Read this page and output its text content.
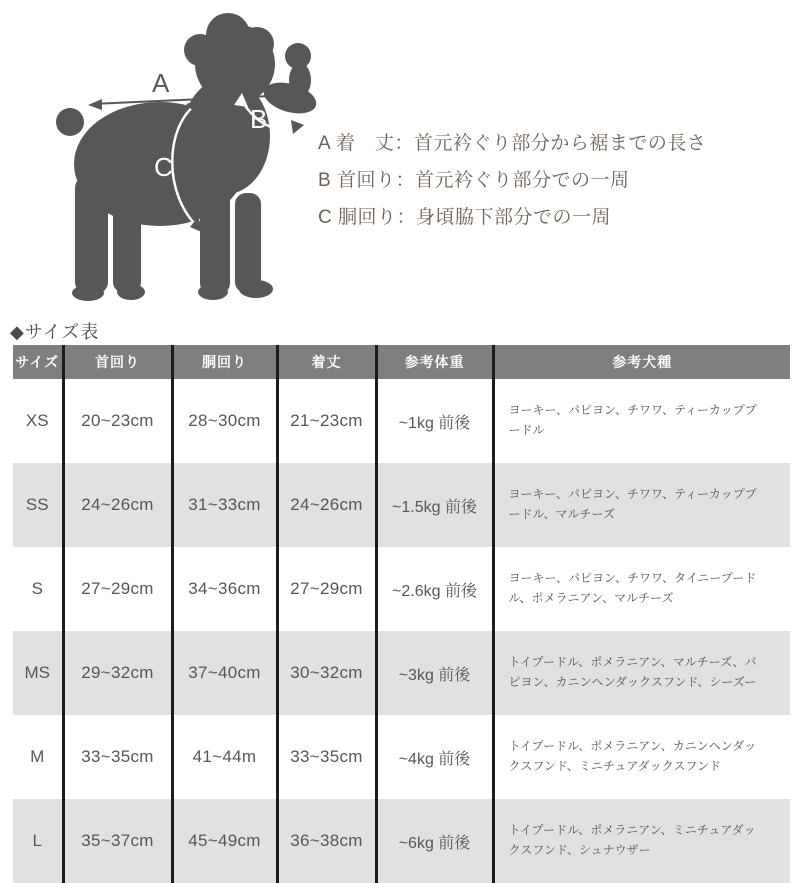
A
B
C
A 着　丈：首元衿ぐり部分から裾までの長さ
B 首回り：首元衿ぐり部分での一周
C 胴回り：身頃脇下部分での一周
◆サイズ表
サイズ	首回り	胴回り	着丈	参考体重	参考犬種
XS	20~23cm	28~30cm	21~23cm	~1kg 前後	ヨーキー、パピヨン、チワワ、ティーカッププードル
SS	24~26cm	31~33cm	24~26cm	~1.5kg 前後	ヨーキー、パピヨン、チワワ、ティーカッププードル、マルチーズ
S	27~29cm	34~36cm	27~29cm	~2.6kg 前後	ヨーキー、パピヨン、チワワ、タイニープードル、ポメラニアン、マルチーズ
MS	29~32cm	37~40cm	30~32cm	~3kg 前後	トイプードル、ポメラニアン、マルチーズ、パピヨン、カニンヘンダックスフンド、シーズー
M	33~35cm	41~44m	33~35cm	~4kg 前後	トイプードル、ポメラニアン、カニンヘンダックスフンド、ミニチュアダックスフンド
L	35~37cm	45~49cm	36~38cm	~6kg 前後	トイプードル、ポメラニアン、ミニチュアダックスフンド、シュナウザー
